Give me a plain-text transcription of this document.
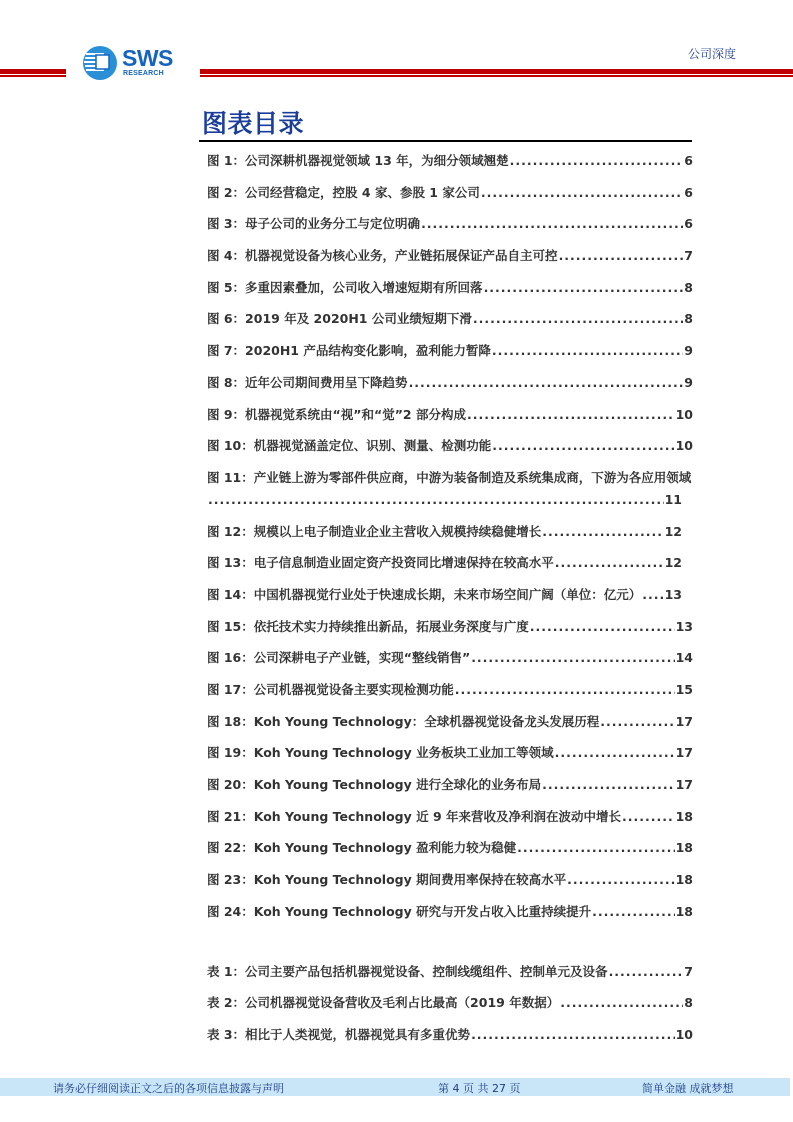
SWS
RESEARCH
公司深度
图表目录
图 1：公司深耕机器视觉领域 13 年，为细分领域翘楚 .....	6
图 2：公司经营稳定，控股 4 家、参股 1 家公司 .....	6
图 3：母子公司的业务分工与定位明确 .....	6
图 4：机器视觉设备为核心业务，产业链拓展保证产品自主可控 .....	7
图 5：多重因素叠加，公司收入增速短期有所回落 .....	8
图 6：2019 年及 2020H1 公司业绩短期下滑 .....	8
图 7：2020H1 产品结构变化影响，盈利能力暂降 .....	9
图 8：近年公司期间费用呈下降趋势 .....	9
图 9：机器视觉系统由“视”和“觉”2 部分构成 .....	10
图 10：机器视觉涵盖定位、识别、测量、检测功能 .....	10
图 11：产业链上游为零部件供应商，中游为装备制造及系统集成商，下游为各应用领域
.....
11
图 12：规模以上电子制造业企业主营收入规模持续稳健增长 .....	12
图 13：电子信息制造业固定资产投资同比增速保持在较高水平 .....	12
图 14：中国机器视觉行业处于快速成长期，未来市场空间广阔（单位：亿元） ..... 13
图 15：依托技术实力持续推出新品，拓展业务深度与广度 .....	13
图 16：公司深耕电子产业链，实现“整线销售” .....	14
图 17：公司机器视觉设备主要实现检测功能 .....	15
图 18：Koh Young Technology：全球机器视觉设备龙头发展历程 .....	17
图 19：Koh Young Technology 业务板块工业加工等领域 .....	17
图 20：Koh Young Technology 进行全球化的业务布局 .....	17
图 21：Koh Young Technology 近 9 年来营收及净利润在波动中增长 .....	18
图 22：Koh Young Technology 盈利能力较为稳健 .....	18
图 23：Koh Young Technology 期间费用率保持在较高水平 .....	18
图 24：Koh Young Technology 研究与开发占收入比重持续提升 .....	18
表 1：公司主要产品包括机器视觉设备、控制线缆组件、控制单元及设备 .....	7
表 2：公司机器视觉设备营收及毛利占比最高（2019 年数据） .....	8
表 3：相比于人类视觉，机器视觉具有多重优势 .....	10
请务必仔细阅读正文之后的各项信息披露与声明	第 4 页 共 27 页	简单金融 成就梦想
